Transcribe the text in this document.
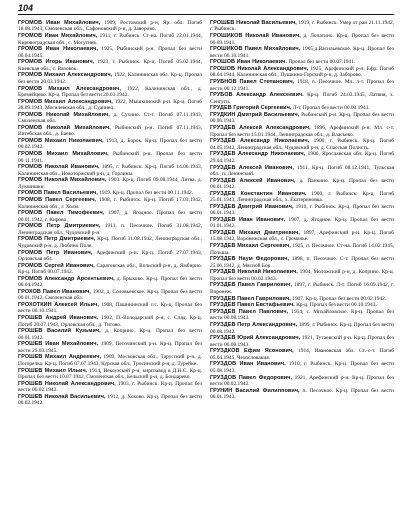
104

ГРОМОВ Иван Михайлович, 1909, Ростовский р-н, Яр. обл. Погиб 18.08.1943, Смоленская обл., Сафоновский р-н, д. Заворово.

ГРОМОВ Иван Михайлович, 1911, г. Рыбинск. Ст-на. Погиб 22.01.1944, Кировоградская обл., с. Могутнев.

ГРОМОВ Иван Николаевич, 1925, Рыбинский р-н. Пропал без вести 00.04.1945.

ГРОМОВ Игорь Иванович, 1923, г. Рыбинск. Кр-ц. Погиб 05.02.1944, Киевская обл., с. Вязовок.

ГРОМОВ Михаил Александрович, 1922, Калининская обл. Кр-ц. Пропал без вести 20.03.1942.

ГРОМОВ Михаил Александрович, 1922, Калининская обл., д. Еремейцево. Кр-ц. Пропал без вести 20.03.1942.

ГРОМОВ Михаил Александрович, 1922, Мышкинский р-н. Кр-ц. Погиб 28.09.1943, Могилевская обл., д. Судинец.

ГРОМОВ Николай Михайлович, д. Сухино. Ст-т. Погиб 07.11.1943, Смоленская обл.

ГРОМОВ Николай Михайлович, Рыбинский р-н. Погиб 07.11.1943, Витебская обл., д. Баево.

ГРОМОВ Михаил Николаевич, 1913, д. Борок. Кр-ц. Пропал без вести 00.02.1942.

ГРОМОВ Михаил Михайлович, Рыбинский р-н. Пропал без вести 00.11.1941.

ГРОМОВ Николай Иванович, 1895, г. Рыбинск. Кр-ц. Погиб 14.06.1943, Калининская обл., Новоторжский р-н, д. Горлины.

ГРОМОВ Николай Михайлович, 1903. Кр-ц. Погиб 09.08.1944, Литва, д. Лукшишки.

ГРОМОВ Павел Васильевич, 1919. Кр-ц. Пропал без вести 00.11.1942.

ГРОМОВ Павел Сергеевич, 1908, г. Рыбинск. Кр-ц. Погиб 17.03.1942, Калининская обл., г. Холм.

ГРОМОВ Павел Тимофеевич, 1907, д. Ягодное. Пропал без вести 00.01.1942, г. Кирово.

ГРОМОВ Петр Дмитриевич, 1911, п. Песочное. Погиб 31.08.1942, Ленинградская обл., Чудовский р-н.

ГРОМОВ Петр Дмитриевич, Кр-ц. Погиб 31.08.1942, Ленинградская обл., Чудовский р-н, д. Любино Поле.

ГРОМОВ Петр Иванович, Арефинский р-н. Кр-ц. Погиб 27.07.1943, Орловская обл.

ГРОМОВ Сергей Иванович, Саратовская обл., Вольский р-н, д. Ямбирно. Кр-ц. Погиб 00.07.1942.

ГРОМОВ Александр Арсентьевич, д. Брыково. Кр-ц. Пропал без вести 00.04.1942.

ГРОХОВ Павел Иванович, 1902, д. Соловьевское. Кр-ц. Пропал без вести 00.01.1942, Смоленская обл.

ГРОХОТКИН Алексей Ильич, 1908, Пашининский с/с. Кр-ц. Пропал без вести 00.10.1941.

ГРОШЕВ Андрей Иванович, 1902, П.-Володарский р-н, с. Сляд. Кр-ц. Погиб 20.07.1943, Орловская обл., д. Титово.

ГРОШЕВ Василий Кузьмич, д. Коприно. Кр-ц. Пропал без вести 00.01.1942.

ГРОШЕВ Иван Михайлович, 1909, Песочинский р-н. Кр-ц. Пропал без вести 29.03.1945.

ГРОШЕВ Михаил Андреевич, 1909, Московская обл., Тарусский р-н, д. Погорелка. Кр-ц. Погиб 07.07.1943, Курская обл., Тросинский р-н, д. Турейки.

ГРОШЕВ Михаил Ильич, 1914, Некоузский р-н, кирпзавод в Д.Н.С. Кр-ц. Пропал без вести 10.07.1942, Смоленская обл., Бельский р-н, д. Бондарево.

ГРОШЕВ Николай Александрович, 1903, г. Рыбинск. Кр-ц. Пропал без вести 00.02.1942.

ГРОШЕВ Николай Васильевич, 1912, д. Хохово. Кр-ц. Пропал без вести 00.02.1942.

ГРОШЕВ Николай Васильевич, 1919, г. Рыбинск. Умер от ран 21.11.1942, г. Рыбинск.

ГРОШИКОВ Николай Иванович, д. Лопатино. Кр-ц. Пропал без вести 00.09.1941.

ГРОШИКОВ Павел Михайлович, 1905,д.Васильевское. Кр-ц. Пропал без вести 00.10.1941.

ГРОШОВ Иван Николаевич. Пропал без вести 00.07.1941.

ГРОШОВ Николай Александрович, 1925, Арефинский р-н. Ефр. Погиб 08.04.1944, Калининская обл., Пушкино-Горский р-н, д. Заборово.

ГРУБНОВ Павел Степанович, 1918, п. Песочное. Мл. л-т. Пропал без вести 00.12.1941.

ГРУБОВ Александр Алексеевич. Кр-ц. Погиб 24.03.1945, Латвия, х. Сенгуги.

ГРУДЕВ Григорий Сергеевич, Л-т. Пропал без вести 00.00.1941.

ГРУДКИН Дмитрий Васильевич, Рыбинский р-н. Кр-ц. Пропал без вести 00.06.1943.

ГРУЗДЕВ Алексей Александрович, 1896, Арефинский р-н. Мл. с-т. Пропал без вести 15.01.1944, Ленинградская обл., д. Власьево.

ГРУЗДЕВ Александр Николаевич, 1900, г. Рыбинск. Кр-ц. Погиб 04.05.1942, Ленинградская обл., Чудовский р-н, д. Спасская Полисть.

ГРУЗДЕВ Александр Николаевич, 1906, Ярославская обл. Кр-ц. Погиб 29.04.1942.

ГРУЗДЕВ Алексей Иванович, 1911, Кр-ц. Погиб 08.12.1941, Тульская обл., п. Ленинский.

ГРУЗДЕВ Алексей Иванович, д. Панкино. Кр-ц. Пропал без вести 00.01.1942.

ГРУЗДЕВ Константин Иванович, 1900, г. Рыбинск. Кр-ц. Погиб 25.01.1943, Ленинградская обл., х. Екатериновка.

ГРУЗДЕВ Дмитрий Иванович, 1910, г. Рыбинск. Кр-ц. Пропал без вести 00.01.1943.

ГРУЗДЕВ Иван Иванович, 1907, д. Ягодное. Кр-ц. Пропал без вести 01.01.1942.

ГРУЗДЕВ Михаил Дмитриевич, 1897, Арефинский р-н. Кр-ц. Погиб 15.08.1942, Воронежская обл., с. Гремячье.

ГРУЗДЕВ Михаил Сергеевич, 1925, п. Песочное. Ст-на. Погиб 14.02.1945, Польша.

ГРУЗДЕВ Наум Федорович, 1898, п. Песочное. С-т. Пропал без вести 25.06.1942, д. Мясной Бор.

ГРУЗДЕВ Николай Николаевич, 1904, Моложский р-н, д. Коприно. Кр-ц. Пропал без вести 00.02.1943.

ГРУЗДЕВ Павел Гаврилович, 1897, г. Рыбинск. Л-т. Погиб 16.09.1942, г. Воронеж.

ГРУЗДЕВ Павел Гаврилович, 1907. Кр-ц. Пропал без вести 00.02.1942.

ГРУЗДЕВ Павел Евстафьевич. Кр-ц. Пропал без вести 00.10.1943.

ГРУЗДЕВ Павел Павлович, 1914, с. Михайловское. Кр-ц. Пропал без вести 00.08.1943.

ГРУЗДЕВ Петр Александрович, 1899, г. Рыбинск. Кр-ц. Пропал без вести 00.08.1942.

ГРУЗДЕВ Юрий Александрович, 1921, Тутаевский р-н. Кр-ц. Пропал без вести 00.08.1943.

ГРУЗДКОВ Ефим Ясонович, 1914, Ивановская обл. Ст.-с-т. Погиб 05.04.1945, Чехословакия.

ГРУЗДОВ Иван Иванович, 1910, г. Рыбинск. Кр-ц. Пропал без вести 05.08.1943.

ГРУЗДОВ Павел Федорович, 1921, Арефинский р-н. Кр-ц. Пропал без вести 00.02.1942.

ГРУНИН Василий Филиппович, п. Песочное. Кр-ц. Пропал без вести 00.01.1943.
